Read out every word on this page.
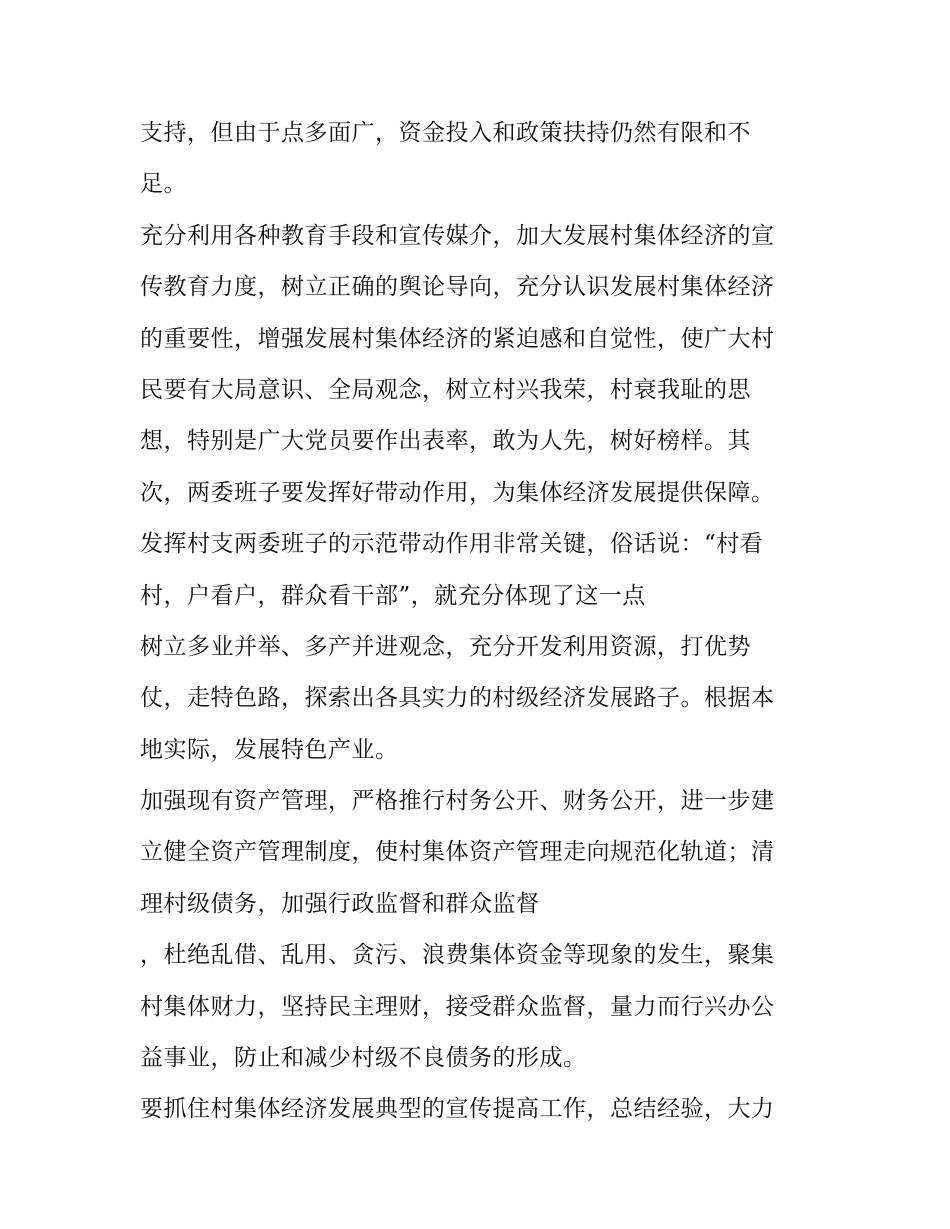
支持，但由于点多面广，资金投入和政策扶持仍然有限和不
足。
充分利用各种教育手段和宣传媒介，加大发展村集体经济的宣
传教育力度，树立正确的舆论导向，充分认识发展村集体经济
的重要性，增强发展村集体经济的紧迫感和自觉性，使广大村
民要有大局意识、全局观念，树立村兴我荣，村衰我耻的思
想，特别是广大党员要作出表率，敢为人先，树好榜样。其
次，两委班子要发挥好带动作用，为集体经济发展提供保障。
发挥村支两委班子的示范带动作用非常关键，俗话说：“村看
村，户看户，群众看干部”，就充分体现了这一点
树立多业并举、多产并进观念，充分开发利用资源，打优势
仗，走特色路，探索出各具实力的村级经济发展路子。根据本
地实际，发展特色产业。
加强现有资产管理，严格推行村务公开、财务公开，进一步建
立健全资产管理制度，使村集体资产管理走向规范化轨道；清
理村级债务，加强行政监督和群众监督
，杜绝乱借、乱用、贪污、浪费集体资金等现象的发生，聚集
村集体财力，坚持民主理财，接受群众监督，量力而行兴办公
益事业，防止和减少村级不良债务的形成。
要抓住村集体经济发展典型的宣传提高工作，总结经验，大力
